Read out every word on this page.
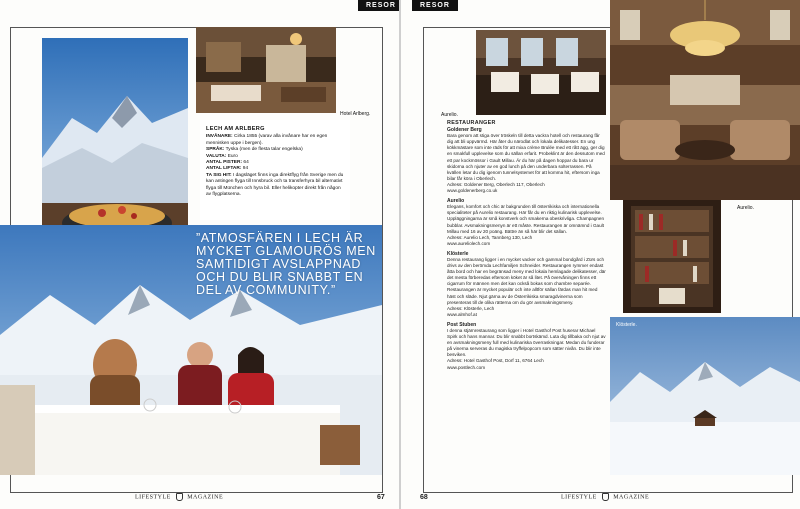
RESOR
Hotel Arlberg.
LECH AM ARLBERG
INVÅNARE: Cirka 1855 (varav alla invånare har en egen mennisken uppe i bergen).
SPRÅK: Tyska (men de flesta talar engelska)
VALUTA: Euro
ANTAL PISTER: 64
ANTAL LIFTAR: 94
TA SIG HIT: I dagsläget finns inga direktflyg från Sverige men du kan antingen flyga till Innsbruck och ta transferhyra bil alternativt flyga till München och hyra bil. Eller helikopter direkt från någon av flygplatserna.
”ATMOSFÄREN I LECH ÄR MYCKET GLAMOURÖS MEN SAMTIDIGT AVSLAPPNAD OCH DU BLIR SNABBT EN DEL AV COMMUNITY.”
LIFESTYLE	MAGAZINE	67
RESOR
Aurelio.
Aurelio.
Klösterle.
RESTAURANGER
Goldener Berg

Bara genom att stiga över tröskeln till detta vackra hotell och restaurang får dig att bli uppvärmd. Här åter du närodlat och lokala delikatesser. En ung kökkmästare som inte räds för att mixa crème Brulée med ett rått ägg, ger dig en smakfull upplevelse som du sällan erfarit. Probeklint är den dessutom med ett par kockmössor i Gault Millau. Är du här på dagen hoppar du bara ur skidorna och njuter av en god lunch på den underbara solterrassen. På kvällen letar du dig igenom tunnelsystemet för att komma hit, eftersom inga bilar får köra i Oberlech.

Adress: Goldener Berg, Oberlech 117, Oberlech

www.goldenerberg.co.uk

Aurelio

Elegans, komfort och chic är bakgrunden till österrikiska och internationella specialiteter på Aurelio restaurang. Här får du en riktig kulinarisk upplevelse. Uppläggningarna är små konstverk och smakerna obeskrivliga. Champagnen bubblar. Avsmakningsmenyn är ett måste. Restaurangen är omnämnd i Gault Millau med 16 av 20 poäng. Bättre än så här blir det sällan.

Adress: Aurelio Lech, Tannberg 130, Lech

www.aureliolech.com

Klösterle

Denna restaurang ligger i en mycket vacker och gammal bondgård i Zürs och drivs av den berömda Lechfamiljen Schneider. Restaurangen rymmer endast åtta bord och har en begränsad meny med lokala hemlagade delikatesser, där det mesta förberedas eftersom köket är så litet. På övervåningen finns ett cigarrum för männen men det kan också bokas som chambre separée. Restaurangen är mycket populär och inte alltför sällan färdas man hit med häst och släde. Njut gärna av de Österrikiska smaragdvinerna som presenteras till de olika rätterna om du gör avsmakningsmeny.

Adress: Klösterle, Lech

www.almhof.at

Post Stuben

I denna stjärnrestaurang som ligger i Hotel Gasthof Post huserar Michael Spirk och hans mannar. Du blir snabbt bortskämd. Luta dig tillbaka och njut av en avsmakningsmeny full med kulinariska överraskningar. Medan du funderar på vinerna serveras du magiska tryffelpopcorn som sätter nivån. Du blir inte besviken.

Adress: Hotel Gasthof Post, Dorf 11, 6764 Lech

www.postlech.com

68	LIFESTYLE	MAGAZINE
